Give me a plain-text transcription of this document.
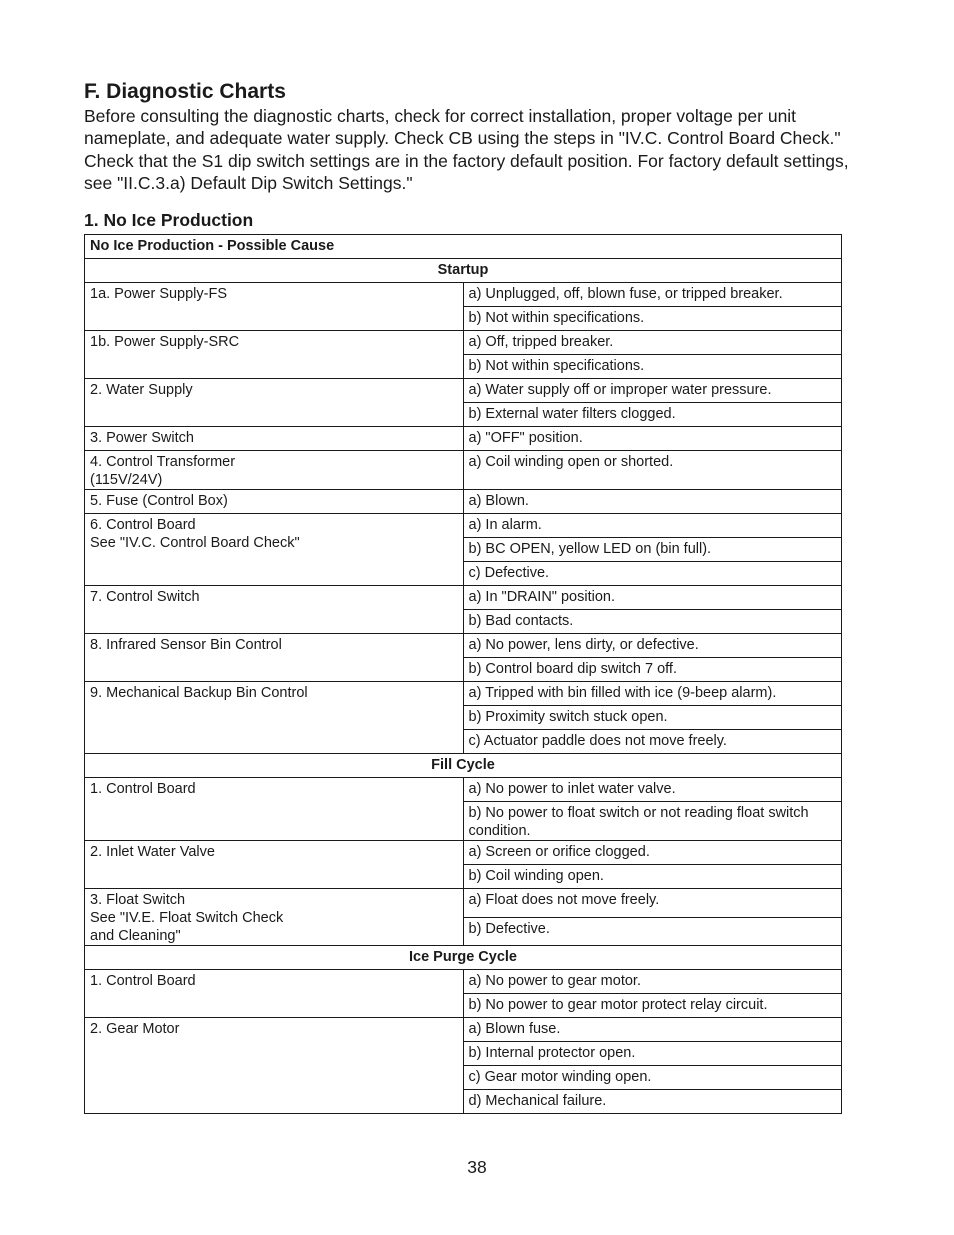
F. Diagnostic Charts

Before consulting the diagnostic charts, check for correct installation, proper voltage per unit nameplate, and adequate water supply. Check CB using the steps in "IV.C. Control Board Check." Check that the S1 dip switch settings are in the factory default position. For factory default settings, see "II.C.3.a) Default Dip Switch Settings."

1. No Ice Production
No Ice Production - Possible Cause	
Startup	

1a. Power Supply-FS	a) Unplugged, off, blown fuse, or tripped breaker.
	b) Not within specifications.

1b. Power Supply-SRC	a) Off, tripped breaker.
	b) Not within specifications.

2. Water Supply	a) Water supply off or improper water pressure.
	b) External water filters clogged.

3. Power Switch	a) "OFF" position.

4. Control Transformer
(115V/24V)	a) Coil winding open or shorted.

5. Fuse (Control Box)	a) Blown.

6. Control Board
See "IV.C. Control Board Check"	a) In alarm.
	b) BC OPEN, yellow LED on (bin full).
	c) Defective.

7. Control Switch	a) In "DRAIN" position.
	b) Bad contacts.

8. Infrared Sensor Bin Control	a) No power, lens dirty, or defective.
	b) Control board dip switch 7 off.

9. Mechanical Backup Bin Control	a) Tripped with bin filled with ice (9-beep alarm).
	b) Proximity switch stuck open.
	c) Actuator paddle does not move freely.
Fill Cycle	

1. Control Board	a) No power to inlet water valve.
	b) No power to float switch or not reading float switch condition.

2. Inlet Water Valve	a) Screen or orifice clogged.
	b) Coil winding open.

3. Float Switch
See "IV.E. Float Switch Check
and Cleaning"	a) Float does not move freely.
	b) Defective.
Ice Purge Cycle	

1. Control Board	a) No power to gear motor.
	b) No power to gear motor protect relay circuit.

2. Gear Motor	a) Blown fuse.
	b) Internal protector open.
	c) Gear motor winding open.
	d) Mechanical failure.

38
